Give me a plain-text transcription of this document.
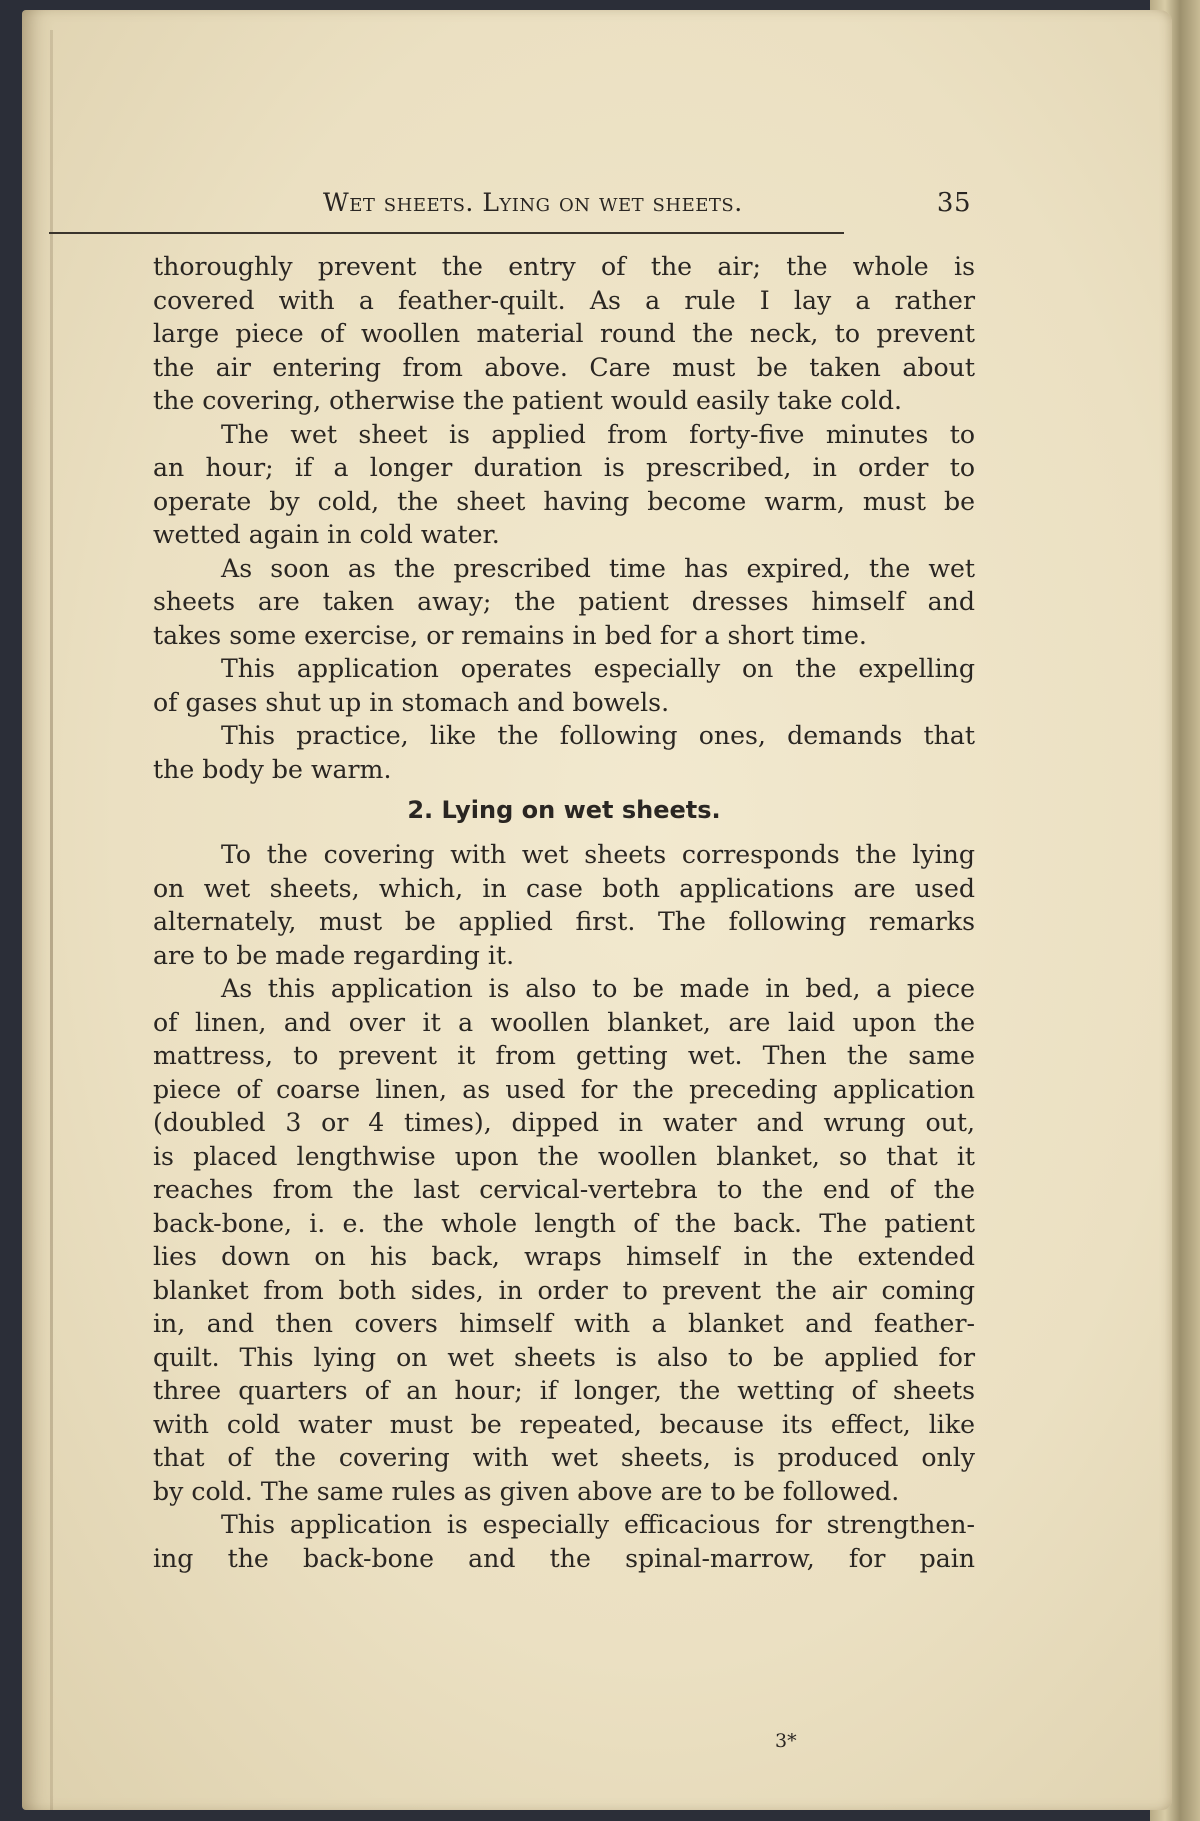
Wet sheets. Lying on wet sheets.	35
thoroughly prevent the entry of the air; the whole is
covered with a feather-quilt. As a rule I lay a rather
large piece of woollen material round the neck, to prevent
the air entering from above. Care must be taken about
the covering, otherwise the patient would easily take cold.
The wet sheet is applied from forty-five minutes to
an hour; if a longer duration is prescribed, in order to
operate by cold, the sheet having become warm, must be
wetted again in cold water.
As soon as the prescribed time has expired, the wet
sheets are taken away; the patient dresses himself and
takes some exercise, or remains in bed for a short time.
This application operates especially on the expelling
of gases shut up in stomach and bowels.
This practice, like the following ones, demands that
the body be warm.
2. Lying on wet sheets.
To the covering with wet sheets corresponds the lying
on wet sheets, which, in case both applications are used
alternately, must be applied first. The following remarks
are to be made regarding it.
As this application is also to be made in bed, a piece
of linen, and over it a woollen blanket, are laid upon the
mattress, to prevent it from getting wet. Then the same
piece of coarse linen, as used for the preceding application
(doubled 3 or 4 times), dipped in water and wrung out,
is placed lengthwise upon the woollen blanket, so that it
reaches from the last cervical-vertebra to the end of the
back-bone, i. e. the whole length of the back. The patient
lies down on his back, wraps himself in the extended
blanket from both sides, in order to prevent the air coming
in, and then covers himself with a blanket and feather-
quilt. This lying on wet sheets is also to be applied for
three quarters of an hour; if longer, the wetting of sheets
with cold water must be repeated, because its effect, like
that of the covering with wet sheets, is produced only
by cold. The same rules as given above are to be followed.
This application is especially efficacious for strengthen-
ing the back-bone and the spinal-marrow, for pain
3*
